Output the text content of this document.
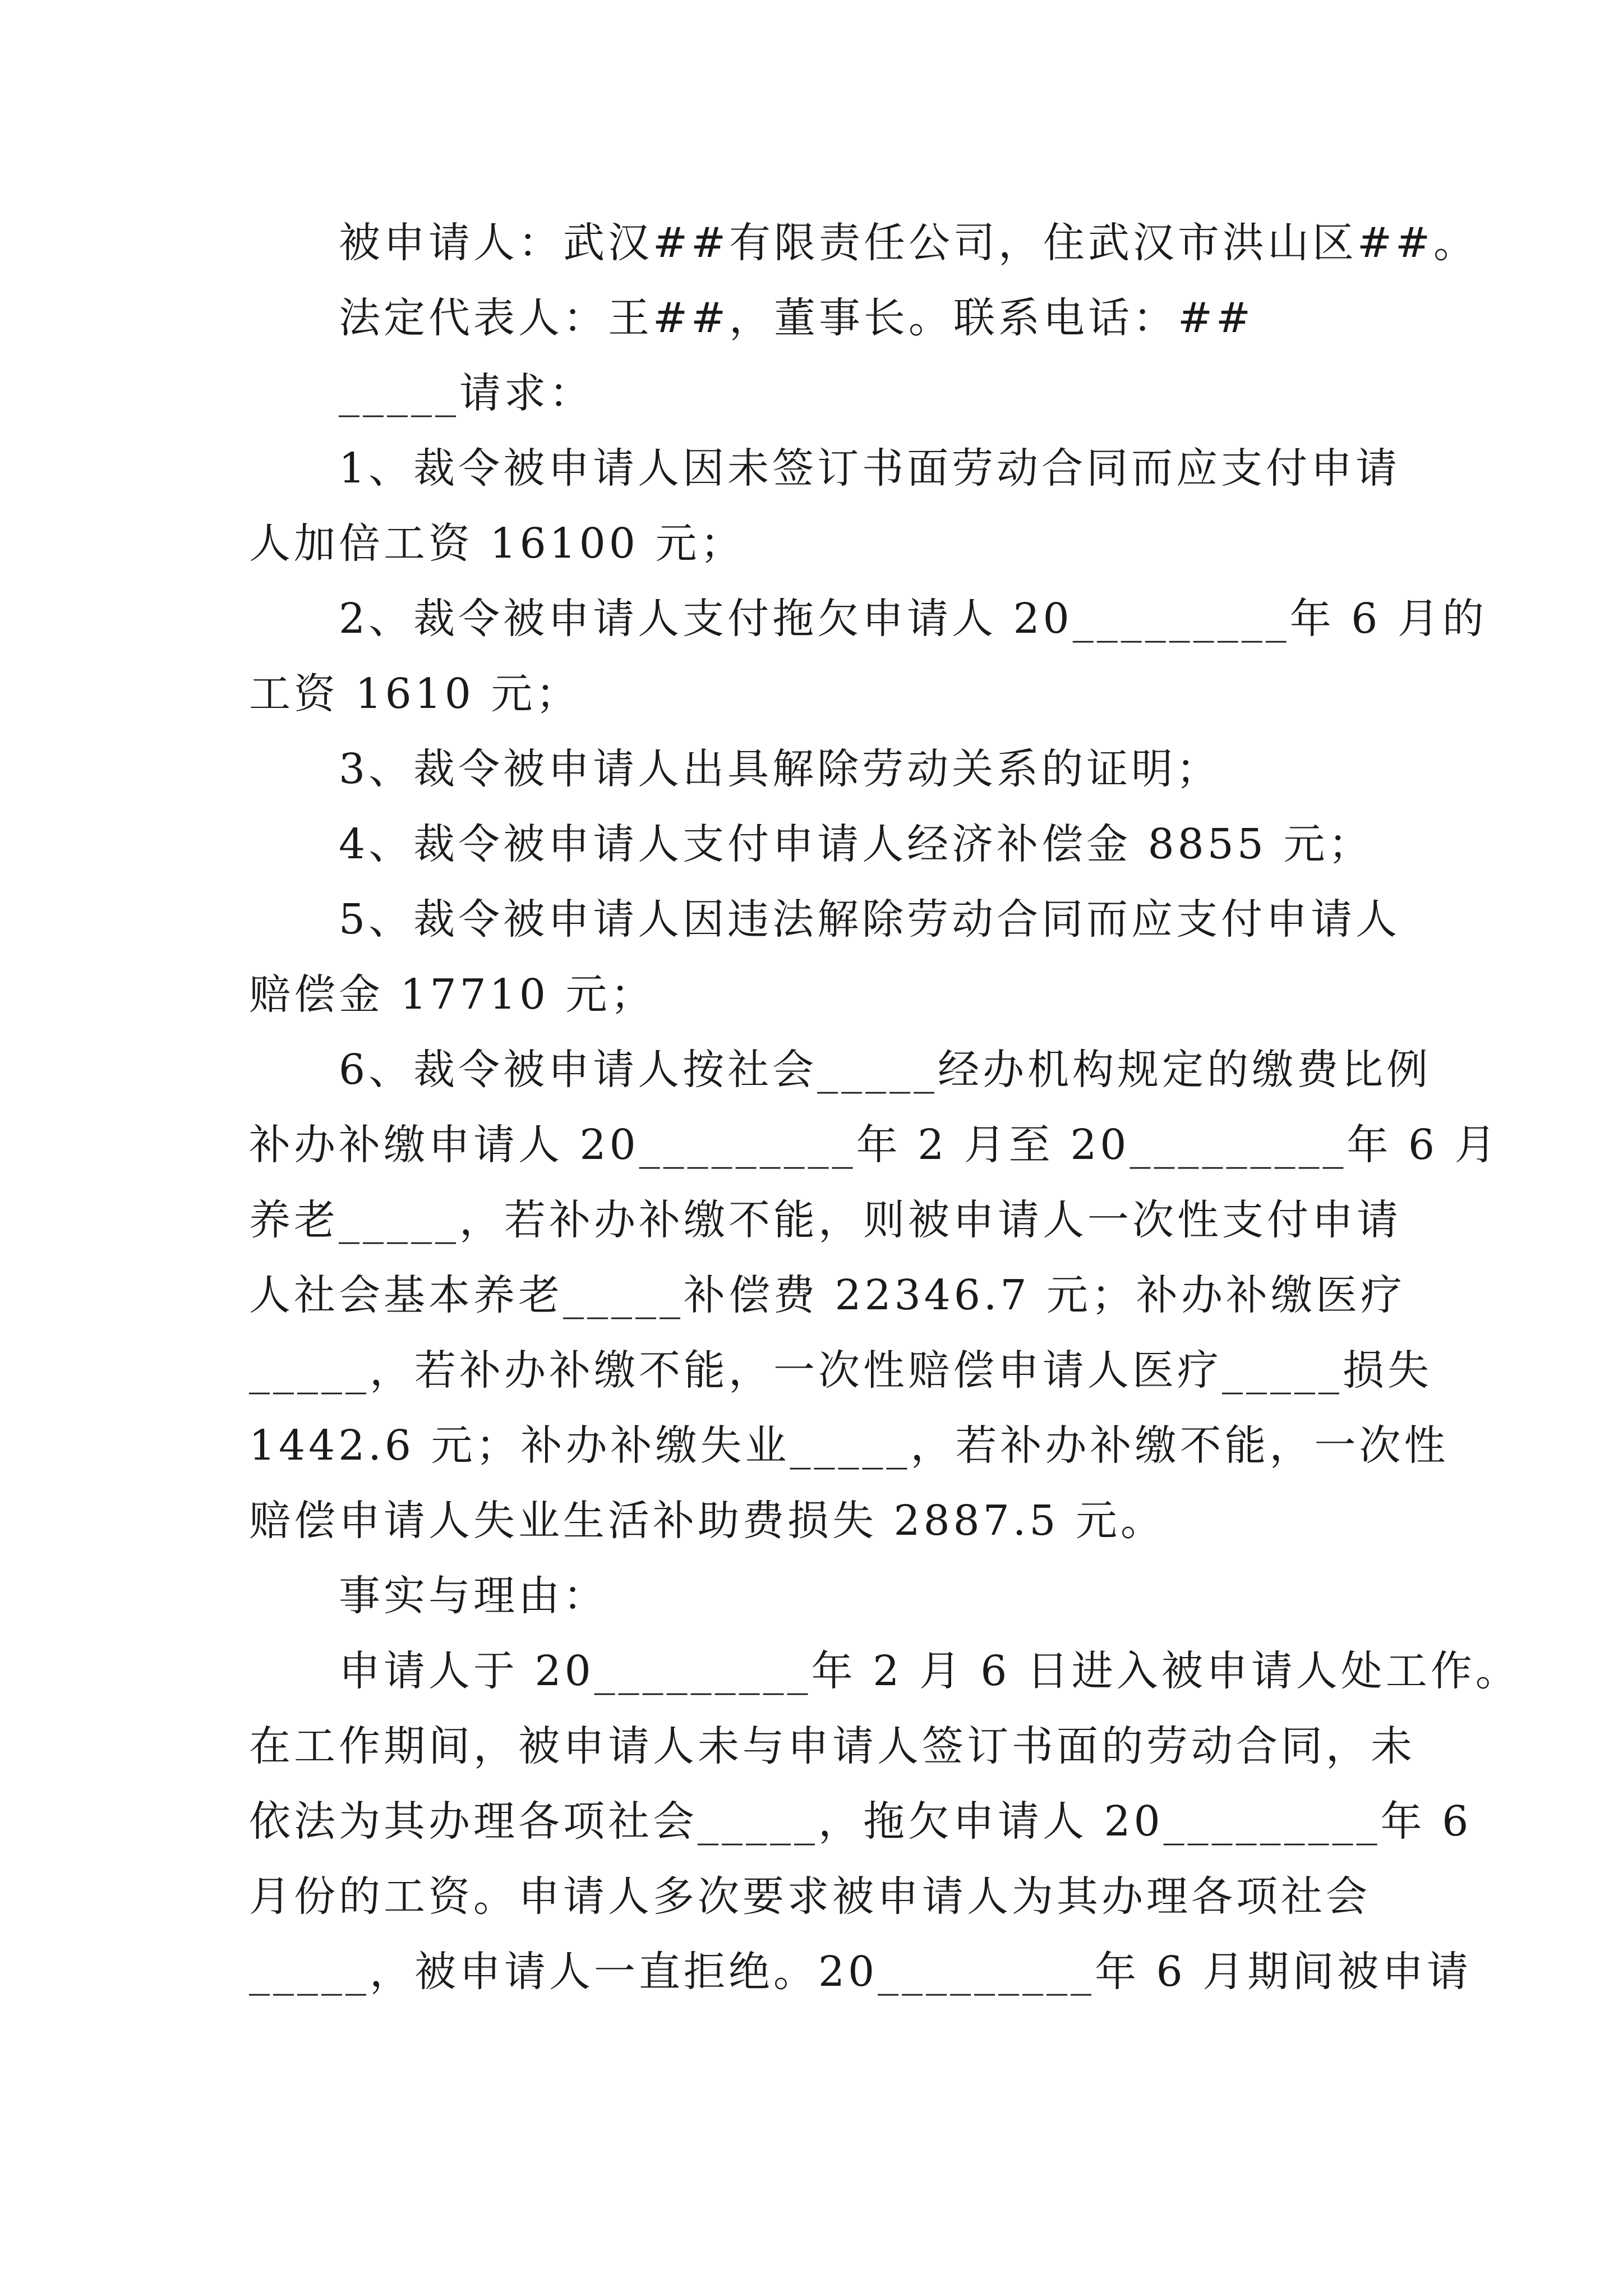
被申请人：武汉##有限责任公司，住武汉市洪山区##。
法定代表人：王##，董事长。联系电话：##
_____请求：
1、裁令被申请人因未签订书面劳动合同而应支付申请
人加倍工资 16100 元；
2、裁令被申请人支付拖欠申请人 20_________年 6 月的
工资 1610 元；
3、裁令被申请人出具解除劳动关系的证明；
4、裁令被申请人支付申请人经济补偿金 8855 元；
5、裁令被申请人因违法解除劳动合同而应支付申请人
赔偿金 17710 元；
6、裁令被申请人按社会_____经办机构规定的缴费比例
补办补缴申请人 20_________年 2 月至 20_________年 6 月
养老_____，若补办补缴不能，则被申请人一次性支付申请
人社会基本养老_____补偿费 22346.7 元；补办补缴医疗
_____，若补办补缴不能，一次性赔偿申请人医疗_____损失
1442.6 元；补办补缴失业_____，若补办补缴不能，一次性
赔偿申请人失业生活补助费损失 2887.5 元。
事实与理由：
申请人于 20_________年 2 月 6 日进入被申请人处工作。
在工作期间，被申请人未与申请人签订书面的劳动合同，未
依法为其办理各项社会_____，拖欠申请人 20_________年 6
月份的工资。申请人多次要求被申请人为其办理各项社会
_____，被申请人一直拒绝。20_________年 6 月期间被申请
